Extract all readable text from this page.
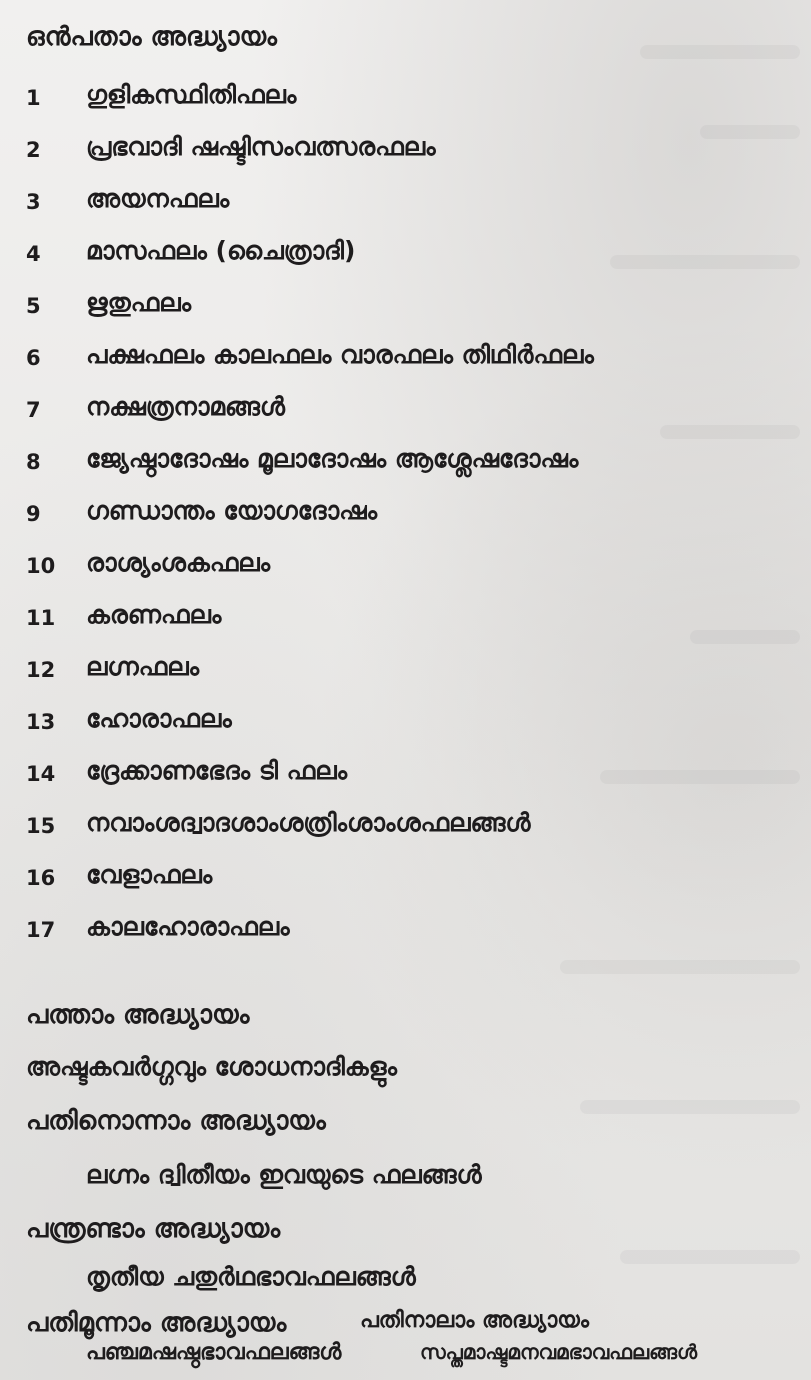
ഒൻപതാം അദ്ധ്യായം
1	ഗുളികസ്ഥിതിഫലം
2	പ്രഭവാദി ഷഷ്ടിസംവത്സരഫലം
3	അയനഫലം
4	മാസഫലം (ചൈത്രാദി)
5	ഋതുഫലം
6	പക്ഷഫലം കാലഫലം വാരഫലം തിഥിർഫലം
7	നക്ഷത്രനാമങ്ങൾ
8	ജ്യേഷ്ഠാദോഷം മൂലാദോഷം ആശ്ലേഷദോഷം
9	ഗണ്ഡാന്തം യോഗദോഷം
10	രാശ്യംശകഫലം
11	കരണഫലം
12	ലഗ്നഫലം
13	ഹോരാഫലം
14	ദ്രേക്കാണഭേദം ടി ഫലം
15	നവാംശദ്വാദശാംശത്രിംശാംശഫലങ്ങൾ
16	വേളാഫലം
17	കാലഹോരാഫലം
പത്താം അദ്ധ്യായം
അഷ്ടകവർഗ്ഗവും ശോധനാദികളും
പതിനൊന്നാം അദ്ധ്യായം
ലഗ്നം ദ്വിതീയം ഇവയുടെ ഫലങ്ങൾ
പന്ത്രണ്ടാം അദ്ധ്യായം
തൃതീയ ചതുർഥഭാവഫലങ്ങൾ
പതിമൂന്നാം അദ്ധ്യായം
പഞ്ചമഷഷ്ഠഭാവഫലങ്ങൾ
പതിനാലാം അദ്ധ്യായം
സപ്തമാഷ്ടമനവമഭാവഫലങ്ങൾ
